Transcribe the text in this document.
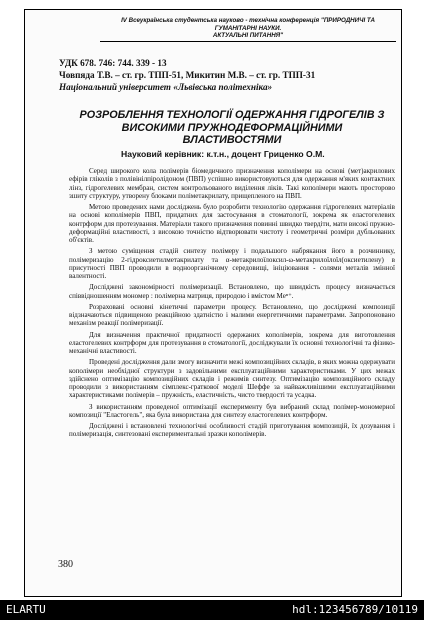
IV Всеукраїнська студентська науково - технічна конференція "ПРИРОДНИЧІ ТА ГУМАНІТАРНІ НАУКИ.

АКТУАЛЬНІ ПИТАННЯ"

УДК 678. 746: 744. 339 - 13

Човпядa Т.В. – ст. гр. ТПП-51, Микитин М.В. – ст. гр. ТПП-31

Національний університет «Львівська політехніка»

РОЗРОБЛЕННЯ ТЕХНОЛОГІЇ ОДЕРЖАННЯ ГІДРОГЕЛІВ З
ВИСОКИМИ ПРУЖНОДЕФОРМАЦІЙНИМИ ВЛАСТИВОСТЯМИ

Науковий керівник: к.т.н., доцент Гриценко О.М.

Серед широкого кола полімерів біомедичного призначення кополімери на основі (мет)акрилових ефірів гліколів з полівінілпіролідоном (ПВП) успішно використовуються для одержання м'яких контактних лінз, гідрогелевих мембран, систем контрольованого виділення ліків. Такі кополімери мають просторово зшиту структуру, утворену блоками поліметакрилату, прищепленого на ПВП.

Метою проведених нами досліджень було розробити технологію одержання гідрогелевих матеріалів на основі кополімерів ПВП, придатних для застосування в стоматології, зокрема як еластогелевих контрформ для протезування. Матеріали такого призначення повинні швидко твердіти, мати високі пружно-деформаційні властивості, з високою точністю відтворювати чистоту і геометричні розміри дубльованих об'єктів.

З метою суміщення стадій синтезу полімеру і подальшого набрякання його в розчиннику, полімеризацію 2-гідроксиетилметакрилату та α-метакрилоїлоксил-ω-метакрилоїлоїл(оксиетилену) в присутності ПВП проводили в водноорганічному середовищі, ініціювання - солями металів змінної валентності.

Досліджені закономірності полімеризації. Встановлено, що швидкість процесу визначається співвідношенням мономер : полімерна матриця, природою і вмістом Меⁿ⁺.

Розраховані основні кінетичні параметри процесу. Встановлено, що досліджені композиції відзначаються підвищеною реакційною здатністю і малими енергетичними параметрами. Запропоновано механізм реакції полімеризації.

Для визначення практичної придатності одержаних кополімерів, зокрема для виготовлення еластогелевих контрформ для протезування в стоматології, досліджували їх основні технологічні та фізико-механічні властивості.

Проведені дослідження дали змогу визначити межі композиційних складів, в яких можна одержувати кополімери необхідної структури з задовільними експлуатаційними характеристиками. У цих межах здійснено оптимізацію композиційних складів і режимів синтезу. Оптимізацію композиційного складу проводили з використанням сімплекс-граткової моделі Шеффе за найважливішими експлуатаційними характеристиками полімерів – пружність, еластичність, чисто твердості та усадка.

З використанням проведеної оптимізації експерименту був вибраний склад полімер-мономерної композиції "Еластогель", яка була використана для синтезу еластогелевих контрформ.

Досліджені і встановлені технологічні особливості стадій приготування композицій, їх дозування і полімеризація, синтезовані експериментальні зразки кополімерів.

380

ELARTU	hdl:123456789/10119
